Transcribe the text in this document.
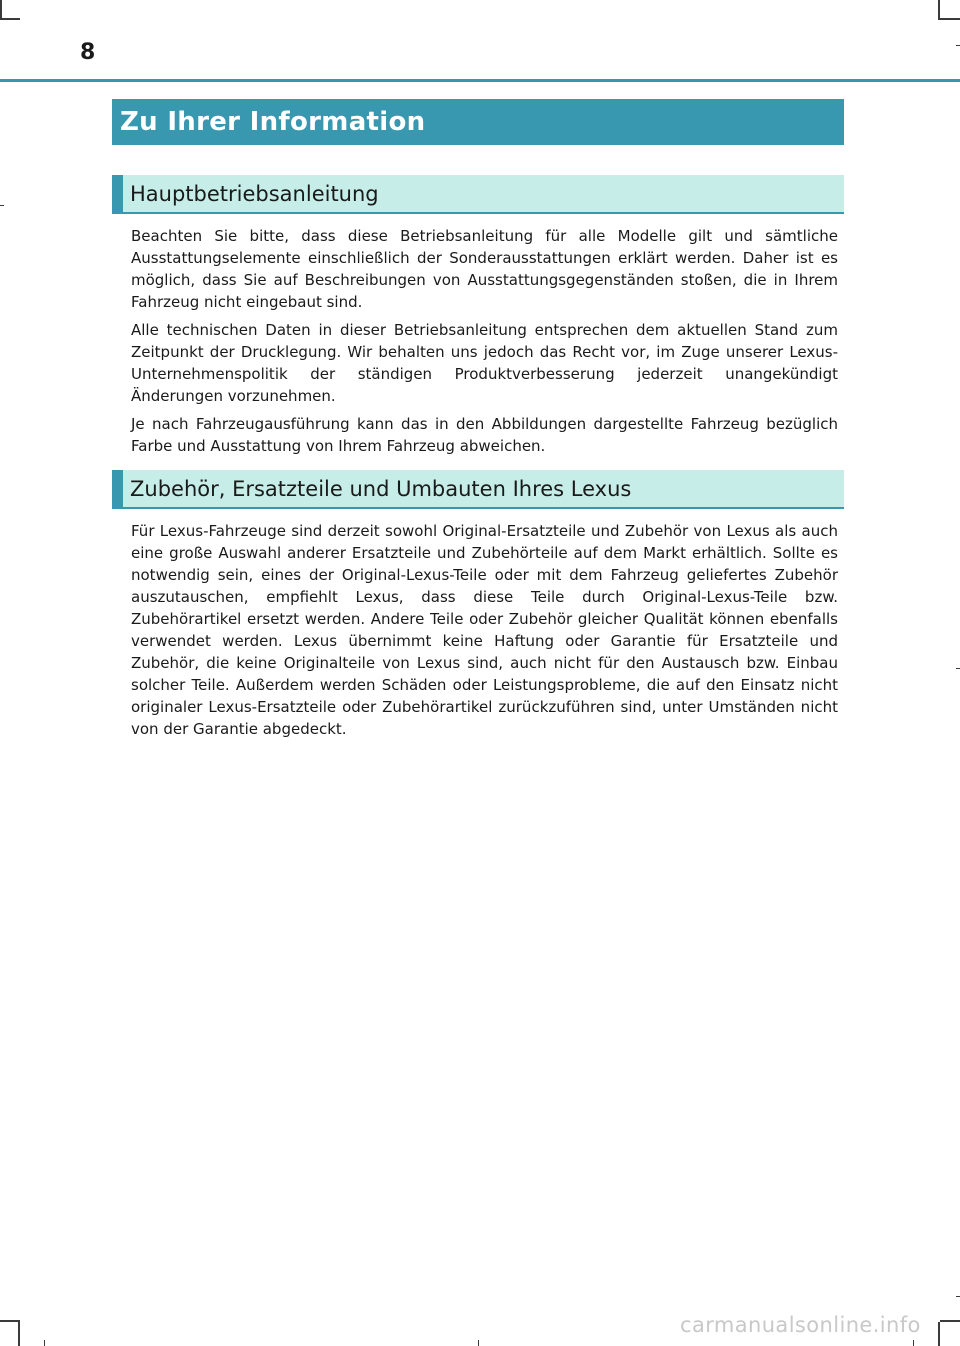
8
Zu Ihrer Information
Hauptbetriebsanleitung

Beachten Sie bitte, dass diese Betriebsanleitung für alle Modelle gilt und sämtliche Ausstattungselemente einschließlich der Sonderausstattungen erklärt werden. Daher ist es möglich, dass Sie auf Beschreibungen von Ausstattungsgegenständen stoßen, die in Ihrem Fahrzeug nicht eingebaut sind.

Alle technischen Daten in dieser Betriebsanleitung entsprechen dem aktuellen Stand zum Zeitpunkt der Drucklegung. Wir behalten uns jedoch das Recht vor, im Zuge unserer Lexus-Unternehmenspolitik der ständigen Produktverbesserung jederzeit unangekündigt Änderungen vorzunehmen.

Je nach Fahrzeugausführung kann das in den Abbildungen dargestellte Fahrzeug bezüglich Farbe und Ausstattung von Ihrem Fahrzeug abweichen.

Zubehör, Ersatzteile und Umbauten Ihres Lexus

Für Lexus-Fahrzeuge sind derzeit sowohl Original-Ersatzteile und Zubehör von Lexus als auch eine große Auswahl anderer Ersatzteile und Zubehörteile auf dem Markt erhältlich. Sollte es notwendig sein, eines der Original-Lexus-Teile oder mit dem Fahrzeug geliefertes Zubehör auszutauschen, empfiehlt Lexus, dass diese Teile durch Original-Lexus-Teile bzw. Zubehörartikel ersetzt werden. Andere Teile oder Zubehör gleicher Qualität können ebenfalls verwendet werden. Lexus übernimmt keine Haftung oder Garantie für Ersatzteile und Zubehör, die keine Originalteile von Lexus sind, auch nicht für den Austausch bzw. Einbau solcher Teile. Außerdem werden Schäden oder Leistungsprobleme, die auf den Einsatz nicht originaler Lexus-Ersatzteile oder Zubehörartikel zurückzuführen sind, unter Umständen nicht von der Garantie abgedeckt.

carmanualsonline.info
